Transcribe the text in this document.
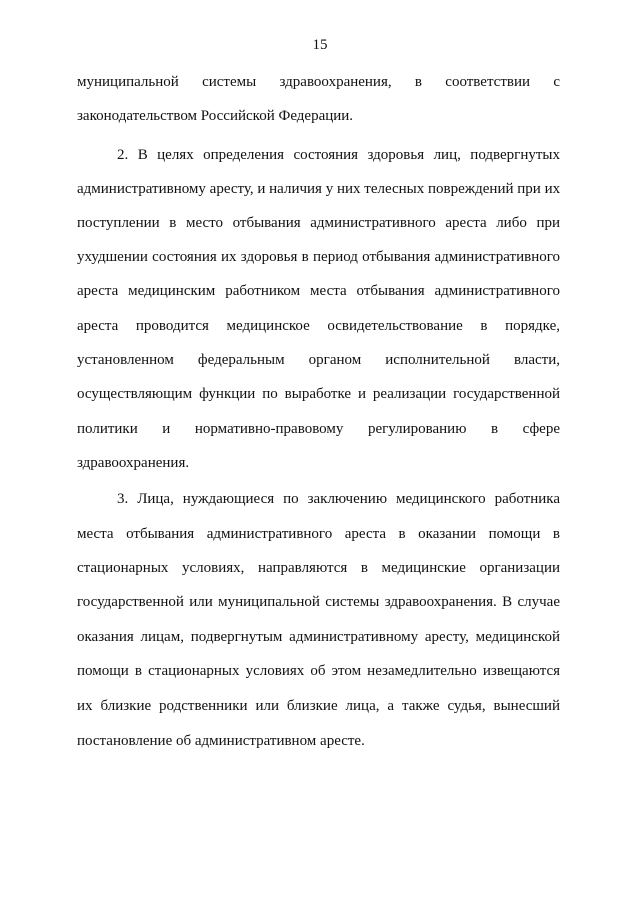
15
муниципальной системы здравоохранения, в соответствии с
законодательством Российской Федерации.
2. В целях определения состояния здоровья лиц, подвергнутых
административному аресту, и наличия у них телесных повреждений при их
поступлении в место отбывания административного ареста либо при
ухудшении состояния их здоровья в период отбывания административного
ареста медицинским работником места отбывания административного
ареста проводится медицинское освидетельствование в порядке,
установленном федеральным органом исполнительной власти,
осуществляющим функции по выработке и реализации государственной
политики и нормативно-правовому регулированию в сфере
здравоохранения.
3. Лица, нуждающиеся по заключению медицинского работника
места отбывания административного ареста в оказании помощи в
стационарных условиях, направляются в медицинские организации
государственной или муниципальной системы здравоохранения. В случае
оказания лицам, подвергнутым административному аресту, медицинской
помощи в стационарных условиях об этом незамедлительно извещаются
их близкие родственники или близкие лица, а также судья, вынесший
постановление об административном аресте.
